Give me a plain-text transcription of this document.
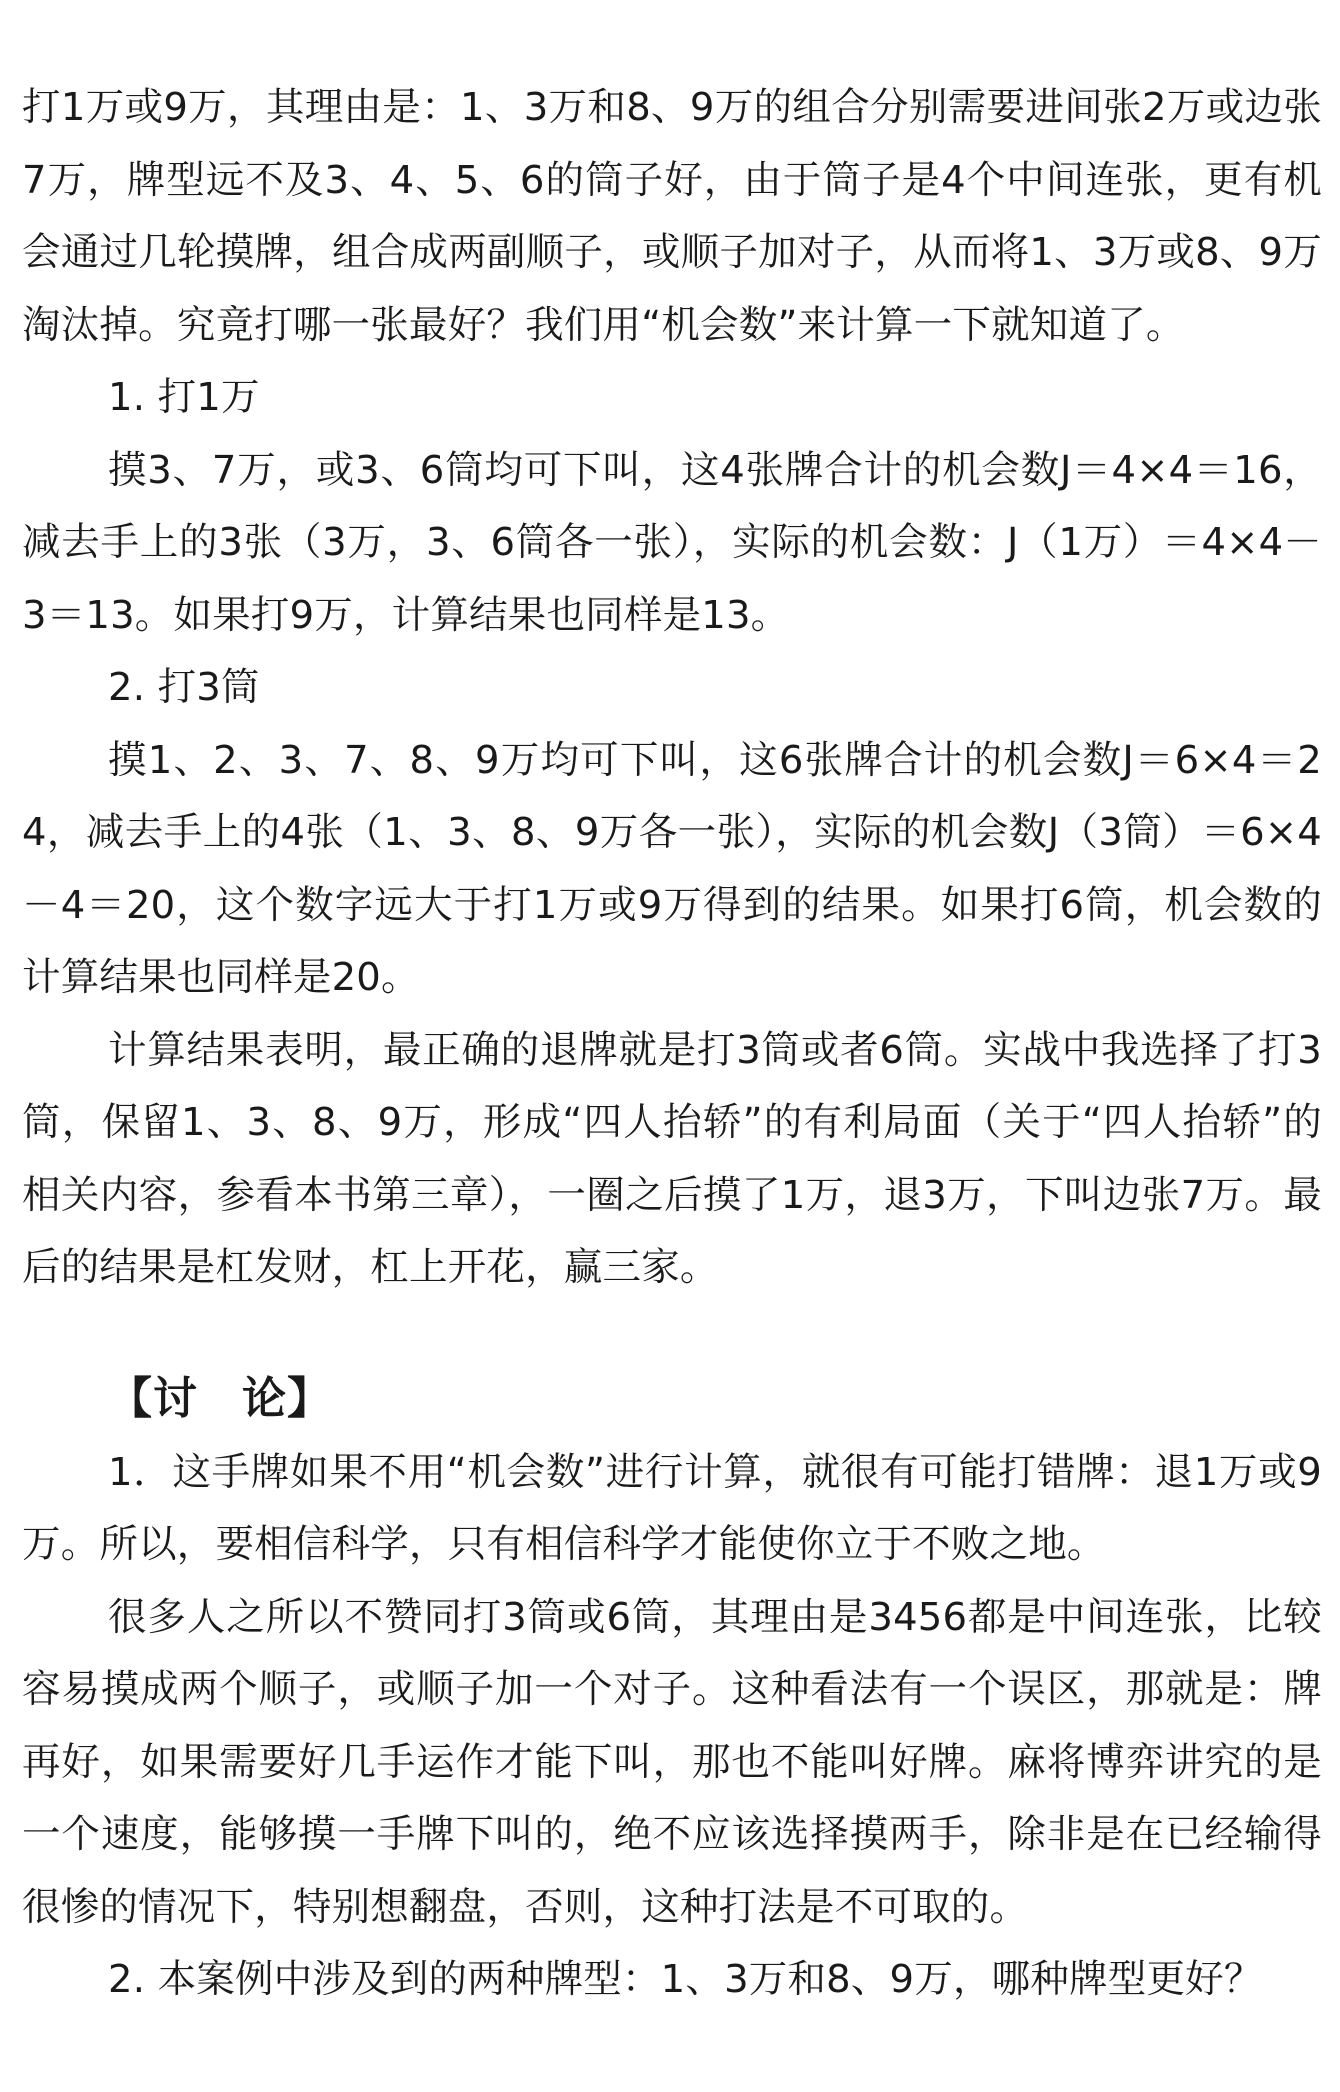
打1万或9万，其理由是：1、3万和8、9万的组合分别需要进间张2万或边张7万，牌型远不及3、4、5、6的筒子好，由于筒子是4个中间连张，更有机会通过几轮摸牌，组合成两副顺子，或顺子加对子，从而将1、3万或8、9万淘汰掉。究竟打哪一张最好？我们用“机会数”来计算一下就知道了。

1. 打1万

摸3、7万，或3、6筒均可下叫，这4张牌合计的机会数J＝4×4＝16，减去手上的3张（3万，3、6筒各一张），实际的机会数：J（1万）＝4×4－3＝13。如果打9万，计算结果也同样是13。

2. 打3筒

摸1、2、3、7、8、9万均可下叫，这6张牌合计的机会数J＝6×4＝24，减去手上的4张（1、3、8、9万各一张），实际的机会数J（3筒）＝6×4－4＝20，这个数字远大于打1万或9万得到的结果。如果打6筒，机会数的计算结果也同样是20。

计算结果表明，最正确的退牌就是打3筒或者6筒。实战中我选择了打3筒，保留1、3、8、9万，形成“四人抬轿”的有利局面（关于“四人抬轿”的相关内容，参看本书第三章），一圈之后摸了1万，退3万，下叫边张7万。最后的结果是杠发财，杠上开花，赢三家。

【讨 论】

1．这手牌如果不用“机会数”进行计算，就很有可能打错牌：退1万或9万。所以，要相信科学，只有相信科学才能使你立于不败之地。

很多人之所以不赞同打3筒或6筒，其理由是3456都是中间连张，比较容易摸成两个顺子，或顺子加一个对子。这种看法有一个误区，那就是：牌再好，如果需要好几手运作才能下叫，那也不能叫好牌。麻将博弈讲究的是一个速度，能够摸一手牌下叫的，绝不应该选择摸两手，除非是在已经输得很惨的情况下，特别想翻盘，否则，这种打法是不可取的。

2. 本案例中涉及到的两种牌型：1、3万和8、9万，哪种牌型更好？
